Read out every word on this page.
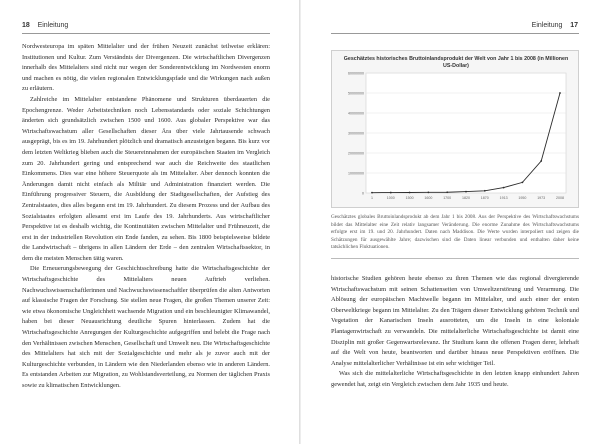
18 Einleitung

Nordwesteuropa im späten Mittelalter und der frühen Neuzeit zunächst teilweise erklären: Institutionen und Kultur. Zum Verständnis der Divergenzen. Die wirtschaftlichen Divergenzen innerhalb des Mittelalters sind nicht nur wegen der Sonderentwicklung im Nordwesten enorm und machen es nötig, die vielen regionalen Entwicklungspfade und die Wirkungen nach außen zu erläutern.

Zahlreiche im Mittelalter entstandene Phänomene und Strukturen überdauerten die Epochengrenze. Weder Arbeitstechniken noch Lebensstandards oder soziale Schichtungen änderten sich grundsätzlich zwischen 1500 und 1600. Aus globaler Perspektive war das Wirtschaftswachstum aller Gesellschaften dieser Ära über viele Jahrtausende schwach ausgeprägt, bis es im 19. Jahrhundert plötzlich und dramatisch anzusteigen begann. Bis kurz vor dem letzten Weltkrieg blieben auch die Steuereinnahmen der europäischen Staaten im Vergleich zum 20. Jahrhundert gering und entsprechend war auch die Reichweite des staatlichen Einkommens. Dies war eine höhere Steuerquote als im Mittelalter. Aber dennoch konnten die Änderungen damit nicht einfach als Militär und Administration finanziert werden. Die Einführung progressiver Steuern, die Ausbildung der Stadtgesellschaften, der Aufstieg des Zentralstaates, dies alles begann erst im 19. Jahrhundert. Zu diesem Prozess und der Aufbau des Sozialstaates erfolgten allesamt erst im Laufe des 19. Jahrhunderts. Aus wirtschaftlicher Perspektive ist es deshalb wichtig, die Kontinuitäten zwischen Mittelalter und Frühneuzeit, die erst in der industriellen Revolution ein Ende fanden, zu sehen. Bis 1800 beispielsweise bildete die Landwirtschaft – übrigens in allen Ländern der Erde – den zentralen Wirtschaftssektor, in dem die meisten Menschen tätig waren.

Die Erneuerungsbewegung der Geschichtsschreibung hatte die Wirtschaftsgeschichte der Wirtschaftsgeschichte des Mittelalters neuen Auftrieb verliehen. Nachwuchswissenschaftlerinnen und Nachwuchswissenschaftler überprüfen die alten Antworten auf klassische Fragen der Forschung. Sie stellen neue Fragen, die großen Themen unserer Zeit: wie etwa ökonomische Ungleichheit wachsende Migration und ein beschleunigter Klimawandel, haben bei dieser Neuausrichtung deutliche Spuren hinterlassen. Zudem hat die Wirtschaftsgeschichte Anregungen der Kulturgeschichte aufgegriffen und belebt die Frage nach den Verhältnissen zwischen Menschen, Gesellschaft und Umwelt neu. Die Wirtschaftsgeschichte des Mittelalters hat sich mit der Sozialgeschichte und mehr als je zuvor auch mit der Kulturgeschichte verbunden, in Ländern wie den Niederlanden ebenso wie in anderen Ländern. Es entstanden Arbeiten zur Migration, zu Wohlstandsverteilung, zu Normen der täglichen Praxis sowie zu klimatischen Entwicklungen.

Einleitung 17
0
10000000
20000000
30000000
40000000
50000000
60000000
1	1000	1500	1600	1700	1820	1870	1913	1950	1973	2008
Geschätztes historisches Bruttoinlandsprodukt der Welt von Jahr 1 bis 2008 (in Millionen US-Dollar)
Geschätztes globales Bruttoinlandsprodukt ab dem Jahr 1 bis 2008. Aus der Perspektive des Wirtschaftswachstums bildet das Mittelalter eine Zeit relativ langsamer Veränderung. Die enorme Zunahme des Wirtschaftswachstums erfolgte erst im 19. und 20. Jahrhundert. Daten nach Maddison. Die Werte wurden interpoliert und zeigen die Schätzungen für ausgewählte Jahre; dazwischen sind die Daten linear verbunden und enthalten daher keine tatsächlichen Fluktuationen.

historische Studien gehören heute ebenso zu ihren Themen wie das regional divergierende Wirtschaftswachstum mit seinen Schattenseiten von Umweltzerstörung und Verarmung. Die Ablösung der europäischen Machtwelle begann im Mittelalter, und auch einer der ersten Oberweltkriege begann im Mittelalter. Zu den Trägern dieser Entwicklung gehören Technik und Vegetation der Kanarischen Inseln ausrotteten, um die Inseln in eine koloniale Plantagenwirtschaft zu verwandeln. Die mittelalterliche Wirtschaftsgeschichte ist damit eine Disziplin mit großer Gegenwartsrelevanz. Ihr Studium kann die offenen Fragen derer, lehrhaft auf die Welt von heute, beantworten und darüber hinaus neue Perspektiven eröffnen. Die Analyse mittelalterlicher Verhältnisse ist ein sehr wichtiger Teil.

Was sich die mittelalterliche Wirtschaftsgeschichte in den letzten knapp einhundert Jahren gewendet hat, zeigt ein Vergleich zwischen dem Jahr 1935 und heute.
